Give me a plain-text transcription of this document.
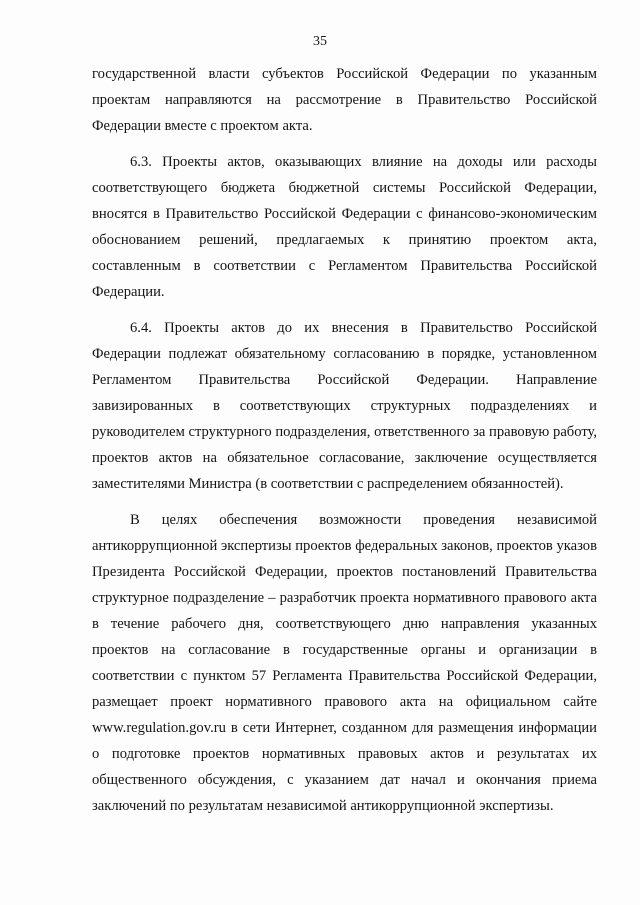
35

государственной власти субъектов Российской Федерации по указанным проектам направляются на рассмотрение в Правительство Российской Федерации вместе с проектом акта.

6.3. Проекты актов, оказывающих влияние на доходы или расходы соответствующего бюджета бюджетной системы Российской Федерации, вносятся в Правительство Российской Федерации с финансово-экономическим обоснованием решений, предлагаемых к принятию проектом акта, составленным в соответствии с Регламентом Правительства Российской Федерации.

6.4. Проекты актов до их внесения в Правительство Российской Федерации подлежат обязательному согласованию в порядке, установленном Регламентом Правительства Российской Федерации. Направление завизированных в соответствующих структурных подразделениях и руководителем структурного подразделения, ответственного за правовую работу, проектов актов на обязательное согласование, заключение осуществляется заместителями Министра (в соответствии с распределением обязанностей).

В целях обеспечения возможности проведения независимой антикоррупционной экспертизы проектов федеральных законов, проектов указов Президента Российской Федерации, проектов постановлений Правительства структурное подразделение – разработчик проекта нормативного правового акта в течение рабочего дня, соответствующего дню направления указанных проектов на согласование в государственные органы и организации в соответствии с пунктом 57 Регламента Правительства Российской Федерации, размещает проект нормативного правового акта на официальном сайте www.regulation.gov.ru в сети Интернет, созданном для размещения информации о подготовке проектов нормативных правовых актов и результатах их общественного обсуждения, с указанием дат начал и окончания приема заключений по результатам независимой антикоррупционной экспертизы.
